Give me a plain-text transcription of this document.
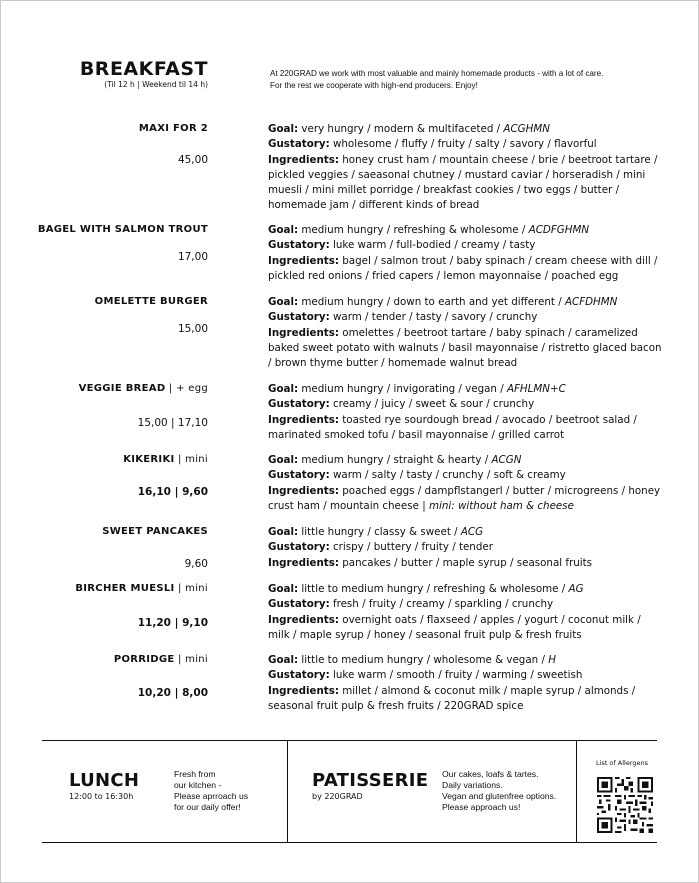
BREAKFAST
(Til 12 h | Weekend til 14 h)
At 220GRAD we work with most valuable and mainly homemade products - with a lot of care.
For the rest we cooperate with high-end producers. Enjoy!
MAXI FOR 2
45,00
Goal: very hungry / modern & multifaceted / ACGHMN
Gustatory: wholesome / fluffy / fruity / salty / savory / flavorful
Ingredients: honey crust ham / mountain cheese / brie / beetroot tartare / pickled veggies / saeasonal chutney / mustard caviar / horseradish / mini muesli / mini millet porridge / breakfast cookies / two eggs / butter / homemade jam / different kinds of bread
BAGEL WITH SALMON TROUT
17,00
Goal: medium hungry / refreshing & wholesome / ACDFGHMN
Gustatory: luke warm / full-bodied / creamy / tasty
Ingredients: bagel / salmon trout / baby spinach / cream cheese with dill / pickled red onions / fried capers / lemon mayonnaise / poached egg
OMELETTE BURGER
15,00
Goal: medium hungry / down to earth and yet different / ACFDHMN
Gustatory: warm / tender / tasty / savory / crunchy
Ingredients: omelettes / beetroot tartare / baby spinach / caramelized baked sweet potato with walnuts / basil mayonnaise / ristretto glaced bacon / brown thyme butter / homemade walnut bread
VEGGIE BREAD | + egg
15,00 | 17,10
Goal: medium hungry / invigorating / vegan / AFHLMN+C
Gustatory: creamy / juicy / sweet & sour / crunchy
Ingredients: toasted rye sourdough bread / avocado / beetroot salad / marinated smoked tofu / basil mayonnaise / grilled carrot
KIKERIKI | mini
16,10 | 9,60
Goal: medium hungry / straight & hearty / ACGN
Gustatory: warm / salty / tasty / crunchy / soft & creamy
Ingredients: poached eggs / dampflstangerl / butter / microgreens / honey crust ham / mountain cheese | mini: without ham & cheese
SWEET PANCAKES
9,60
Goal: little hungry / classy & sweet / ACG
Gustatory: crispy / buttery / fruity / tender
Ingredients: pancakes / butter / maple syrup / seasonal fruits
BIRCHER MUESLI | mini
11,20 | 9,10
Goal: little to medium hungry / refreshing & wholesome / AG
Gustatory: fresh / fruity / creamy / sparkling / crunchy
Ingredients: overnight oats / flaxseed / apples / yogurt / coconut milk / milk / maple syrup / honey / seasonal fruit pulp & fresh fruits
PORRIDGE | mini
10,20 | 8,00
Goal: little to medium hungry / wholesome & vegan / H
Gustatory: luke warm / smooth / fruity / warming / sweetish
Ingredients: millet / almond & coconut milk / maple syrup / almonds / seasonal fruit pulp & fresh fruits / 220GRAD spice
LUNCH
12:00 to 16:30h
Fresh from
our kitchen -
Please aprroach us
for our daily offer!
PATISSERIE
by 220GRAD
Our cakes, loafs & tartes.
Daily variations.
Vegan and glutenfree options.
Please approach us!
List of Allergens
